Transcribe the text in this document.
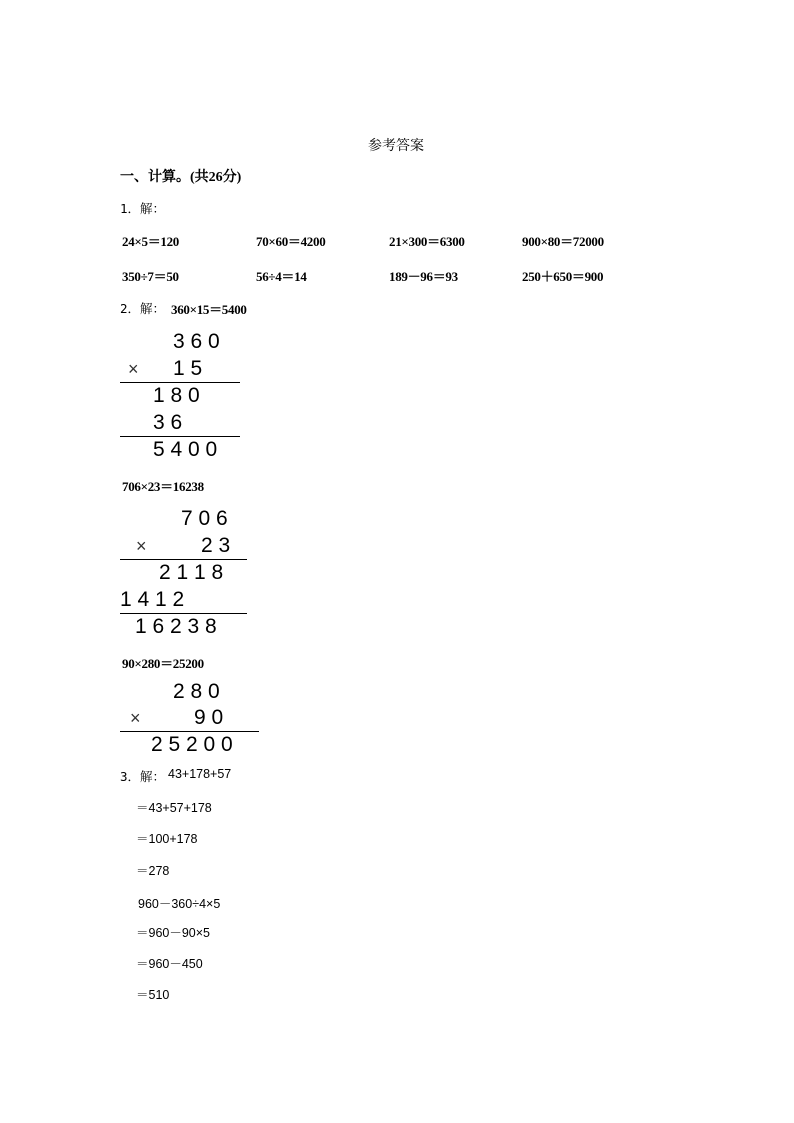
参考答案
一、计算。(共26分)
1．解：
24×5＝120	70×60＝4200	21×300＝6300	900×80＝72000
350÷7＝50	56÷4＝14	189－96＝93	250＋650＝900
2．解： 360×15＝5400
3 6 0
× 1 5
1 8 0
3 6
5 4 0 0
706×23＝16238
7 0 6
×	2 3
2 1 1 8
1 4 1 2
1 6 2 3 8
90×280＝25200
2 8 0
×	9 0
2 5 2 0 0
3．解： 43+178+57
＝43+57+178
＝100+178
＝278
960－360÷4×5
＝960－90×5
＝960－450
＝510
